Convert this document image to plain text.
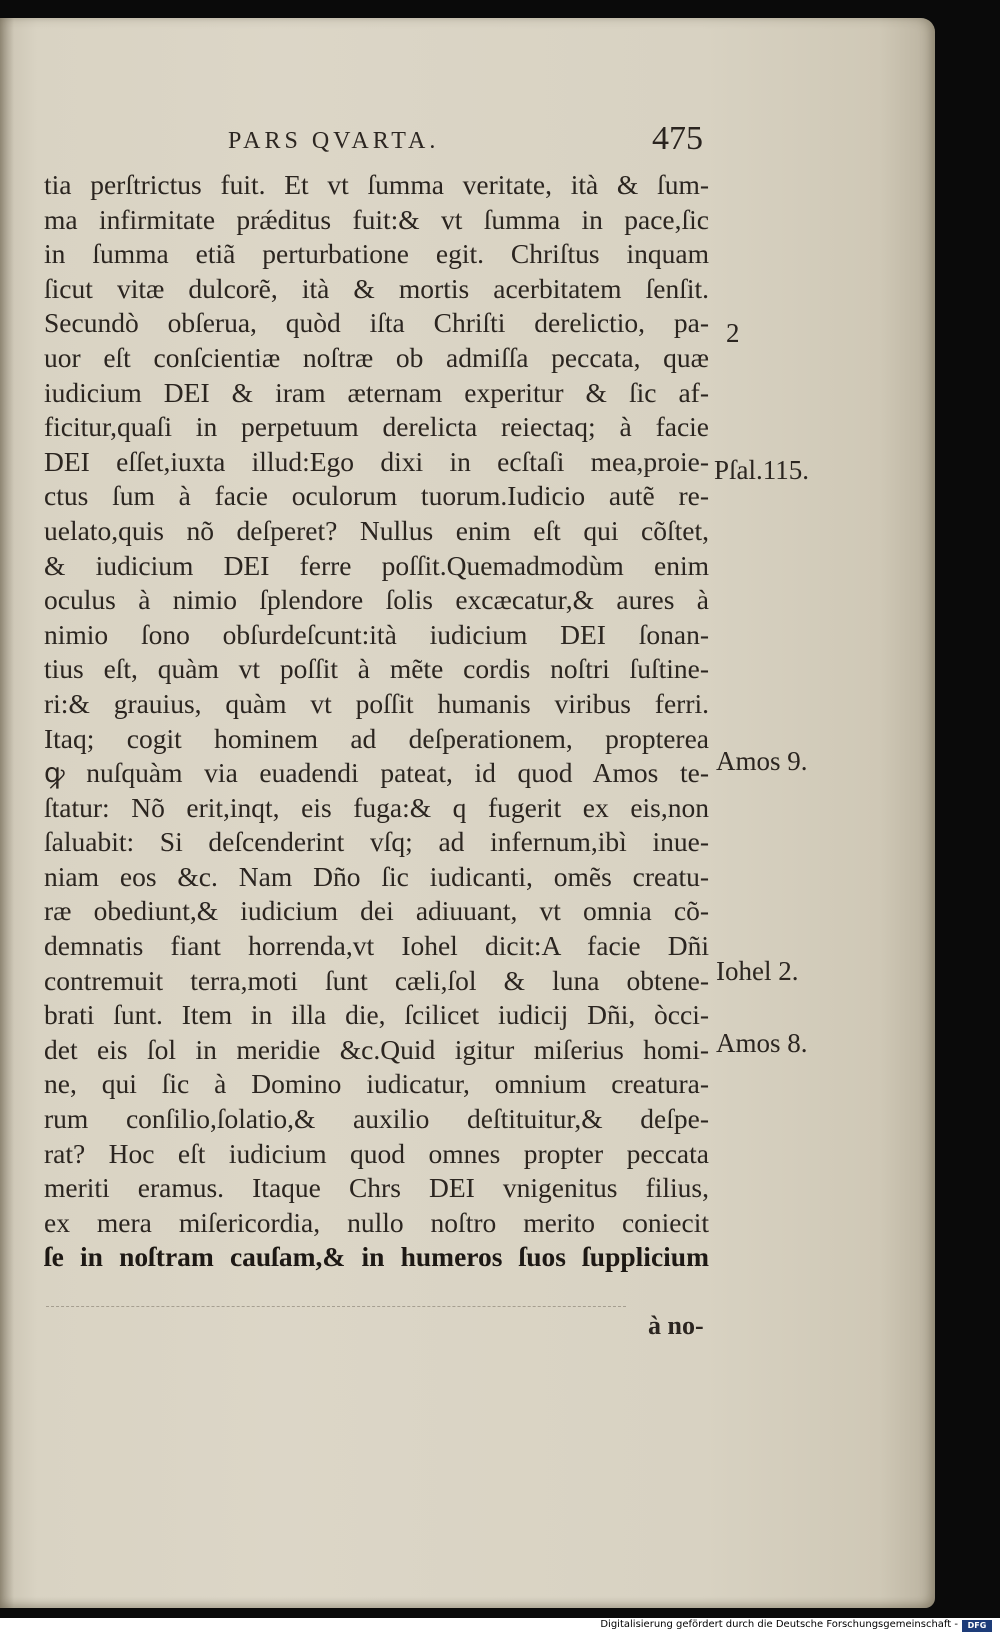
PARS QVARTA.	475
tia perſtrictus fuit. Et vt ſumma veritate, ità & ſum-
ma infirmitate prǽditus fuit:& vt ſumma in pace,ſic
in ſumma etiã perturbatione egit. Chriſtus inquam
ſicut vitæ dulcorẽ, ità & mortis acerbitatem ſenſit.
Secundò obſerua, quòd iſta Chriſti derelictio, pa-
uor eſt conſcientiæ noſtræ ob admiſſa peccata, quæ
iudicium DEI & iram æternam experitur & ſic af-
ficitur,quaſi in perpetuum derelicta reiectaq; à facie
DEI eſſet,iuxta illud:Ego dixi in ecſtaſi mea,proie-
ctus ſum à facie oculorum tuorum.Iudicio autẽ re-
uelato,quis nõ deſperet? Nullus enim eſt qui cõſtet,
& iudicium DEI ferre poſſit.Quemadmodùm enim
oculus à nimio ſplendore ſolis excæcatur,& aures à
nimio ſono obſurdeſcunt:ità iudicium DEI ſonan-
tius eſt, quàm vt poſſit à mẽte cordis noſtri ſuſtine-
ri:& grauius, quàm vt poſſit humanis viribus ferri.
Itaq; cogit hominem ad deſperationem, propterea
ꝙ nuſquàm via euadendi pateat, id quod Amos te-
ſtatur: Nõ erit,inqt, eis fuga:& q fugerit ex eis,non
ſaluabit: Si deſcenderint vſq; ad infernum,ibì inue-
niam eos &c. Nam Dño ſic iudicanti, omẽs creatu-
ræ obediunt,& iudicium dei adiuuant, vt omnia cõ-
demnatis fiant horrenda,vt Iohel dicit:A facie Dñi
contremuit terra,moti ſunt cæli,ſol & luna obtene-
brati ſunt. Item in illa die, ſcilicet iudicij Dñi, òcci-
det eis ſol in meridie &c.Quid igitur miſerius homi-
ne, qui ſic à Domino iudicatur, omnium creatura-
rum conſilio,ſolatio,& auxilio deſtituitur,& deſpe-
rat? Hoc eſt iudicium quod omnes propter peccata
meriti eramus. Itaque Chrs DEI vnigenitus filius,
ex mera miſericordia, nullo noſtro merito coniecit
ſe in noſtram cauſam,& in humeros ſuos ſupplicium
à no-
2
Pſal.115.
Amos 9.
Iohel 2.
Amos 8.
Digitalisierung gefördert durch die Deutsche Forschungsgemeinschaft -	DFG
